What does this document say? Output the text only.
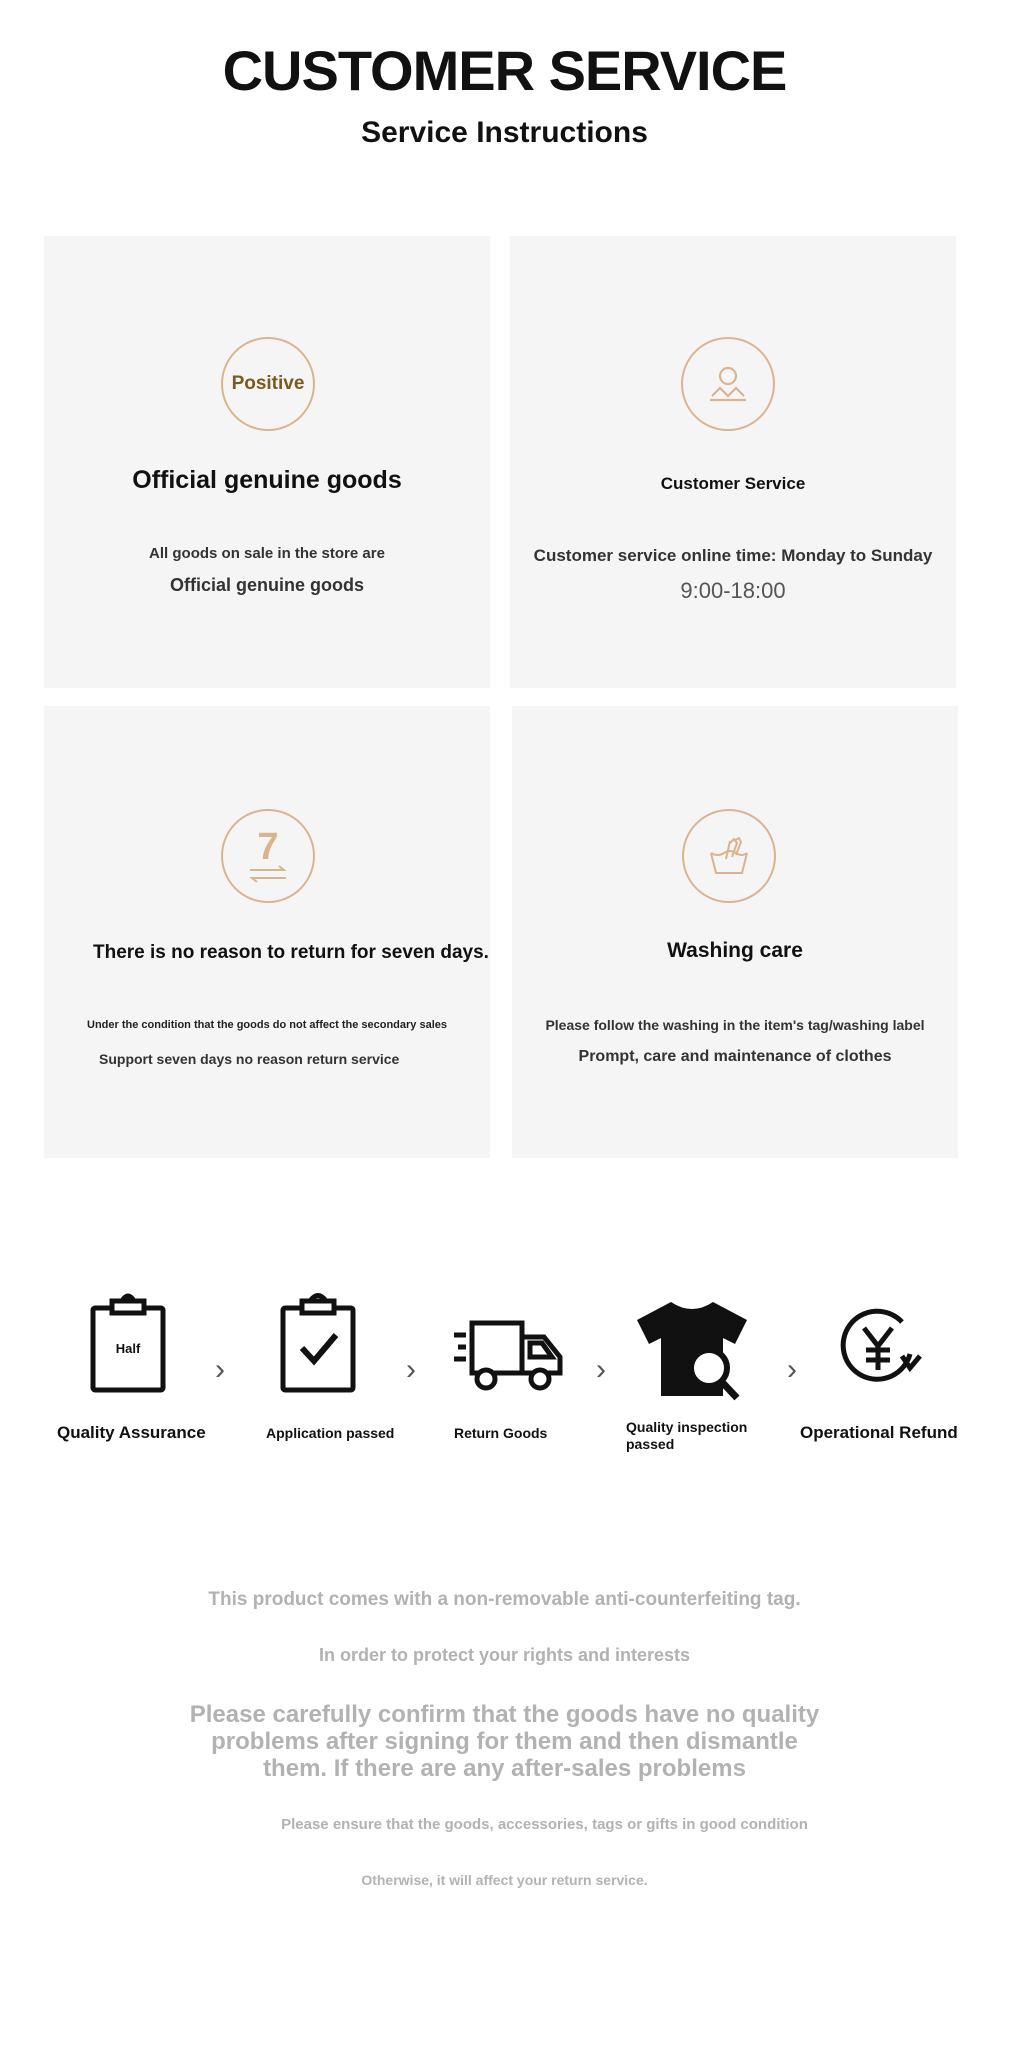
CUSTOMER SERVICE
Service Instructions
Positive
Official genuine goods
All goods on sale in the store are
Official genuine goods
Customer Service
Customer service online time: Monday to Sunday
9:00-18:00
7
There is no reason to return for seven days.
Under the condition that the goods do not affect the secondary sales
Support seven days no reason return service
Washing care
Please follow the washing in the item's tag/washing label
Prompt, care and maintenance of clothes
Half
Quality Assurance
›
Application passed
›
Return Goods
›
Quality inspection passed
›
Operational Refund
This product comes with a non-removable anti-counterfeiting tag.
In order to protect your rights and interests
Please carefully confirm that the goods have no quality
problems after signing for them and then dismantle
them. If there are any after-sales problems
Please ensure that the goods, accessories, tags or gifts in good condition
Otherwise, it will affect your return service.
